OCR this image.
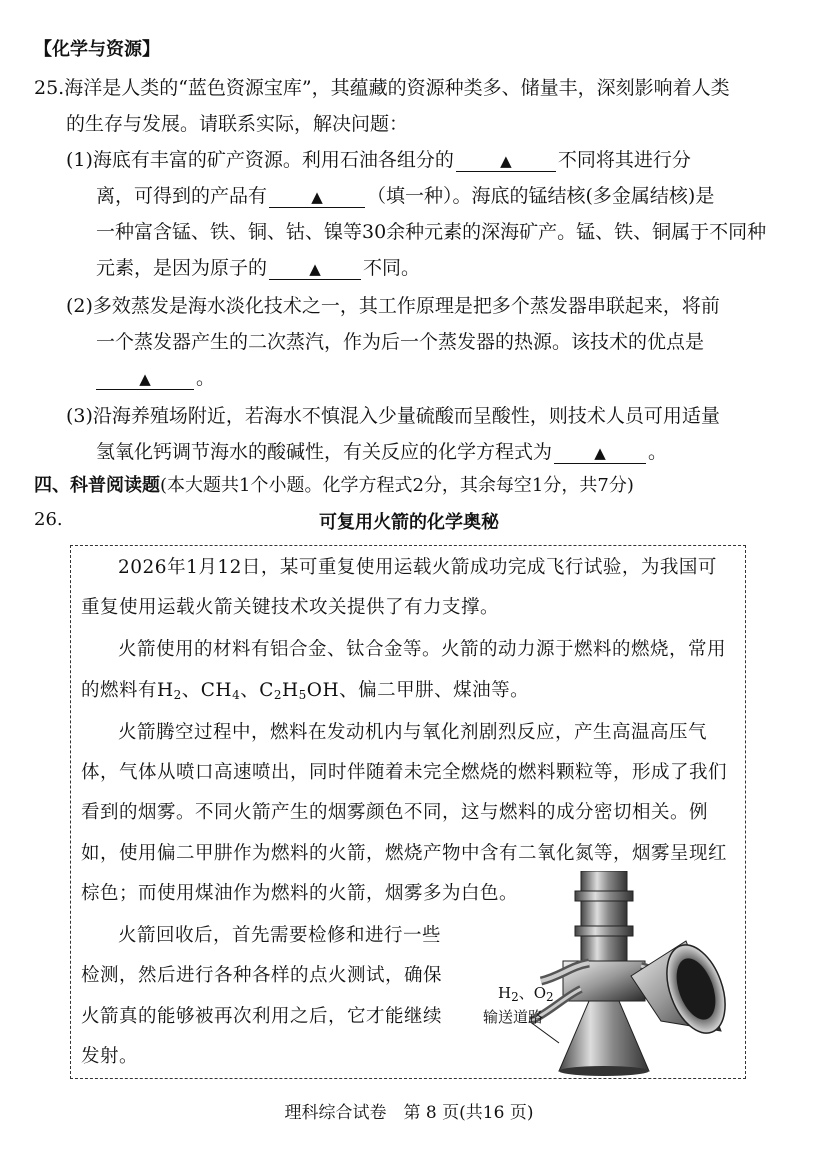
【化学与资源】
25.海洋是人类的“蓝色资源宝库”，其蕴藏的资源种类多、储量丰，深刻影响着人类
的生存与发展。请联系实际，解决问题：
(1)海底有丰富的矿产资源。利用石油各组分的	▲ 不同将其进行分
离，可得到的产品有	▲ （填一种）。海底的锰结核(多金属结核)是
一种富含锰、铁、铜、钴、镍等30余种元素的深海矿产。锰、铁、铜属于不同种
元素，是因为原子的	▲ 不同。
(2)多效蒸发是海水淡化技术之一，其工作原理是把多个蒸发器串联起来，将前
一个蒸发器产生的二次蒸汽，作为后一个蒸发器的热源。该技术的优点是
▲ 。
(3)沿海养殖场附近，若海水不慎混入少量硫酸而呈酸性，则技术人员可用适量
氢氧化钙调节海水的酸碱性，有关反应的化学方程式为	▲ 。
四、科普阅读题(本大题共1个小题。化学方程式2分，其余每空1分，共7分)
26.	可复用火箭的化学奥秘
2026年1月12日，某可重复使用运载火箭成功完成飞行试验，为我国可
重复使用运载火箭关键技术攻关提供了有力支撑。
火箭使用的材料有铝合金、钛合金等。火箭的动力源于燃料的燃烧，常用
的燃料有$H_2$、$CH_4$、$C_2H_5OH$、偏二甲肼、煤油等。
火箭腾空过程中，燃料在发动机内与氧化剂剧烈反应，产生高温高压气
体，气体从喷口高速喷出，同时伴随着未完全燃烧的燃料颗粒等，形成了我们
看到的烟雾。不同火箭产生的烟雾颜色不同，这与燃料的成分密切相关。例
如，使用偏二甲肼作为燃料的火箭，燃烧产物中含有二氧化氮等，烟雾呈现红
棕色；而使用煤油作为燃料的火箭，烟雾多为白色。
火箭回收后，首先需要检修和进行一些
检测，然后进行各种各样的点火测试，确保
火箭真的能够被再次利用之后，它才能继续
发射。
$H_2$、$O_2$
输送道路
理科综合试卷　第 8 页(共16 页)
